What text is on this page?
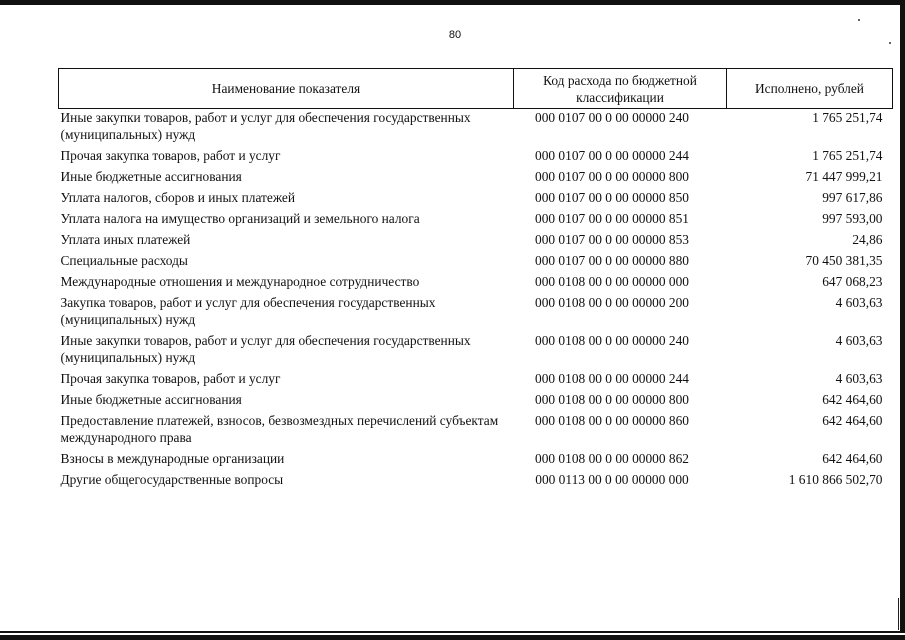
80
Наименование показателя	Код расхода по бюджетной классификации	Исполнено, рублей
Иные закупки товаров, работ и услуг для обеспечения государственных (муниципальных) нужд	000 0107 00 0 00 00000 240	1 765 251,74
Прочая закупка товаров, работ и услуг	000 0107 00 0 00 00000 244	1 765 251,74
Иные бюджетные ассигнования	000 0107 00 0 00 00000 800	71 447 999,21
Уплата налогов, сборов и иных платежей	000 0107 00 0 00 00000 850	997 617,86
Уплата налога на имущество организаций и земельного налога	000 0107 00 0 00 00000 851	997 593,00
Уплата иных платежей	000 0107 00 0 00 00000 853	24,86
Специальные расходы	000 0107 00 0 00 00000 880	70 450 381,35
Международные отношения и международное сотрудничество	000 0108 00 0 00 00000 000	647 068,23
Закупка товаров, работ и услуг для обеспечения государственных (муниципальных) нужд	000 0108 00 0 00 00000 200	4 603,63
Иные закупки товаров, работ и услуг для обеспечения государственных (муниципальных) нужд	000 0108 00 0 00 00000 240	4 603,63
Прочая закупка товаров, работ и услуг	000 0108 00 0 00 00000 244	4 603,63
Иные бюджетные ассигнования	000 0108 00 0 00 00000 800	642 464,60
Предоставление платежей, взносов, безвозмездных перечислений субъектам международного права	000 0108 00 0 00 00000 860	642 464,60
Взносы в международные организации	000 0108 00 0 00 00000 862	642 464,60
Другие общегосударственные вопросы	000 0113 00 0 00 00000 000	1 610 866 502,70
